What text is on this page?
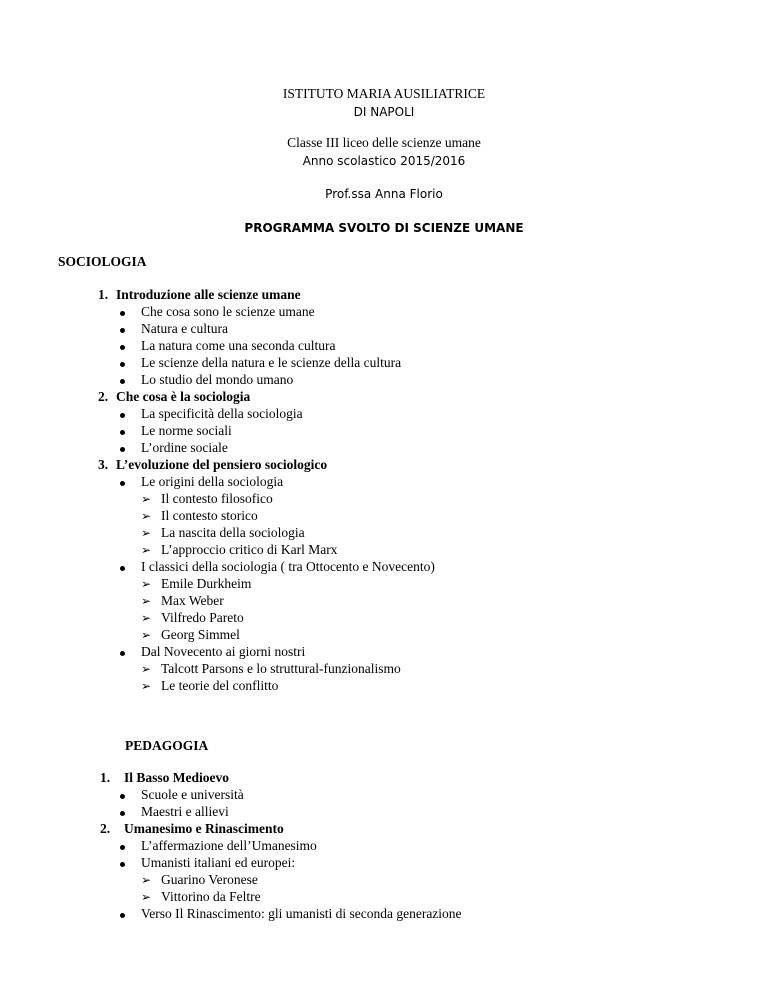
ISTITUTO MARIA AUSILIATRICE
DI NAPOLI
Classe III liceo delle scienze umane
Anno scolastico 2015/2016
Prof.ssa Anna Florio
PROGRAMMA SVOLTO DI SCIENZE UMANE
SOCIOLOGIA
1. Introduzione alle scienze umane
Che cosa sono le scienze umane
Natura e cultura
La natura come una seconda cultura
Le scienze della natura e le scienze della cultura
Lo studio del mondo umano
2. Che cosa è la sociologia
La specificità della sociologia
Le norme sociali
L’ordine sociale
3. L’evoluzione del pensiero sociologico
Le origini della sociologia
➢ Il contesto filosofico
➢ Il contesto storico
➢ La nascita della sociologia
➢ L’approccio critico di Karl Marx
I classici della sociologia ( tra Ottocento e Novecento)
➢ Emile Durkheim
➢ Max Weber
➢ Vilfredo Pareto
➢ Georg Simmel
Dal Novecento ai giorni nostri
➢ Talcott Parsons e lo struttural-funzionalismo
➢ Le teorie del conflitto
PEDAGOGIA
1. Il Basso Medioevo
Scuole e università
Maestri e allievi
2. Umanesimo e Rinascimento
L’affermazione dell’Umanesimo
Umanisti italiani ed europei:
➢ Guarino Veronese
➢ Vittorino da Feltre
Verso Il Rinascimento: gli umanisti di seconda generazione
